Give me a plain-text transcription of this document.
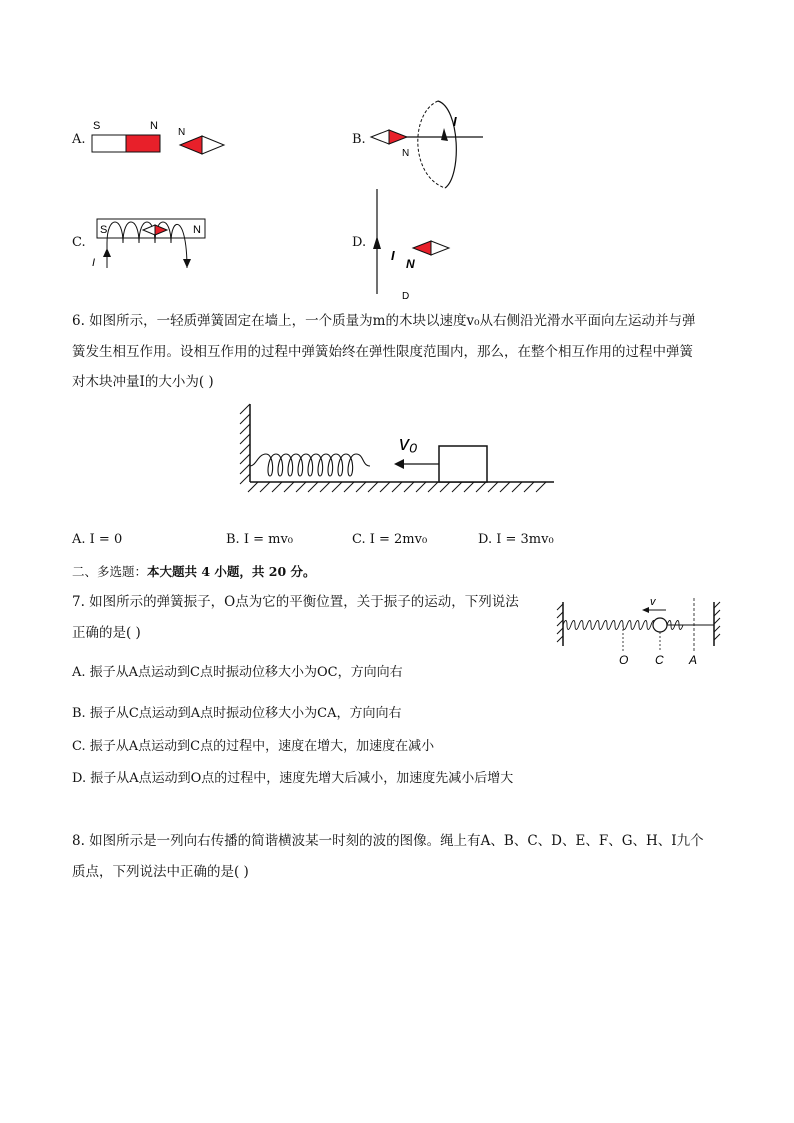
A.
S	N
N	B.
I
N
C.
S	N
I
D.
I
N
D
6. 如图所示，一轻质弹簧固定在墙上，一个质量为m的木块以速度v₀从右侧沿光滑水平面向左运动并与弹
簧发生相互作用。设相互作用的过程中弹簧始终在弹性限度范围内，那么，在整个相互作用的过程中弹簧
对木块冲量I的大小为( )
v₀
A. I = 0	B. I = mv₀	C. I = 2mv₀	D. I = 3mv₀
二、多选题：本大题共 4 小题，共 20 分。
7. 如图所示的弹簧振子，O点为它的平衡位置，关于振子的运动，下列说法
正确的是( )
v
O C A
A. 振子从A点运动到C点时振动位移大小为OC，方向向右
B. 振子从C点运动到A点时振动位移大小为CA，方向向右
C. 振子从A点运动到C点的过程中，速度在增大，加速度在减小
D. 振子从A点运动到O点的过程中，速度先增大后减小，加速度先减小后增大
8. 如图所示是一列向右传播的简谐横波某一时刻的波的图像。绳上有A、B、C、D、E、F、G、H、I九个
质点，下列说法中正确的是( )
